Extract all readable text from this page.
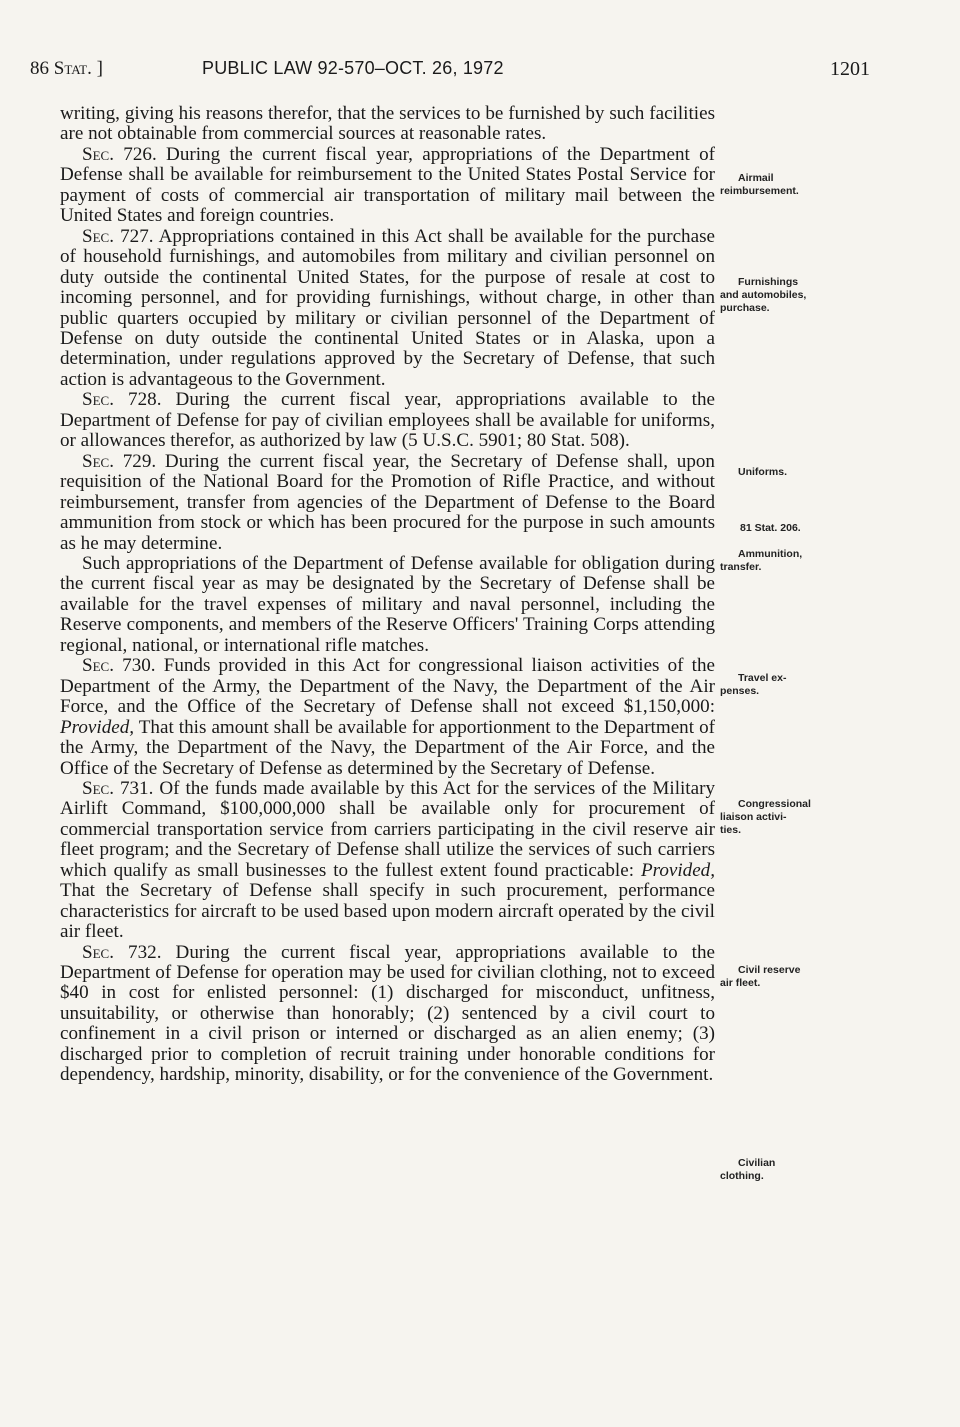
86 Stat. ]	PUBLIC LAW 92-570–OCT. 26, 1972	1201

writing, giving his reasons therefor, that the services to be furnished by such facilities are not obtainable from commercial sources at reasonable rates.

Sec. 726. During the current fiscal year, appropriations of the Department of Defense shall be available for reimbursement to the United States Postal Service for payment of costs of commercial air transportation of military mail between the United States and foreign countries.

Sec. 727. Appropriations contained in this Act shall be available for the purchase of household furnishings, and automobiles from military and civilian personnel on duty outside the continental United States, for the purpose of resale at cost to incoming personnel, and for providing furnishings, without charge, in other than public quarters occupied by military or civilian personnel of the Department of Defense on duty outside the continental United States or in Alaska, upon a determination, under regulations approved by the Secretary of Defense, that such action is advantageous to the Government.

Sec. 728. During the current fiscal year, appropriations available to the Department of Defense for pay of civilian employees shall be available for uniforms, or allowances therefor, as authorized by law (5 U.S.C. 5901; 80 Stat. 508).

Sec. 729. During the current fiscal year, the Secretary of Defense shall, upon requisition of the National Board for the Promotion of Rifle Practice, and without reimbursement, transfer from agencies of the Department of Defense to the Board ammunition from stock or which has been procured for the purpose in such amounts as he may determine.

Such appropriations of the Department of Defense available for obligation during the current fiscal year as may be designated by the Secretary of Defense shall be available for the travel expenses of military and naval personnel, including the Reserve components, and members of the Reserve Officers' Training Corps attending regional, national, or international rifle matches.

Sec. 730. Funds provided in this Act for congressional liaison activities of the Department of the Army, the Department of the Navy, the Department of the Air Force, and the Office of the Secretary of Defense shall not exceed $1,150,000: Provided, That this amount shall be available for apportionment to the Department of the Army, the Department of the Navy, the Department of the Air Force, and the Office of the Secretary of Defense as determined by the Secretary of Defense.

Sec. 731. Of the funds made available by this Act for the services of the Military Airlift Command, $100,000,000 shall be available only for procurement of commercial transportation service from carriers participating in the civil reserve air fleet program; and the Secretary of Defense shall utilize the services of such carriers which qualify as small businesses to the fullest extent found practicable: Provided, That the Secretary of Defense shall specify in such procurement, performance characteristics for aircraft to be used based upon modern aircraft operated by the civil air fleet.

Sec. 732. During the current fiscal year, appropriations available to the Department of Defense for operation may be used for civilian clothing, not to exceed $40 in cost for enlisted personnel: (1) discharged for misconduct, unfitness, unsuitability, or otherwise than honorably; (2) sentenced by a civil court to confinement in a civil prison or interned or discharged as an alien enemy; (3) discharged prior to completion of recruit training under honorable conditions for dependency, hardship, minority, disability, or for the convenience of the Government.

Airmail
reimbursement.
Furnishings
and automobiles,
purchase.
Uniforms.
81 Stat. 206.
Ammunition,
transfer.
Travel ex-
penses.
Congressional
liaison activi-
ties.
Civil reserve
air fleet.
Civilian
clothing.
